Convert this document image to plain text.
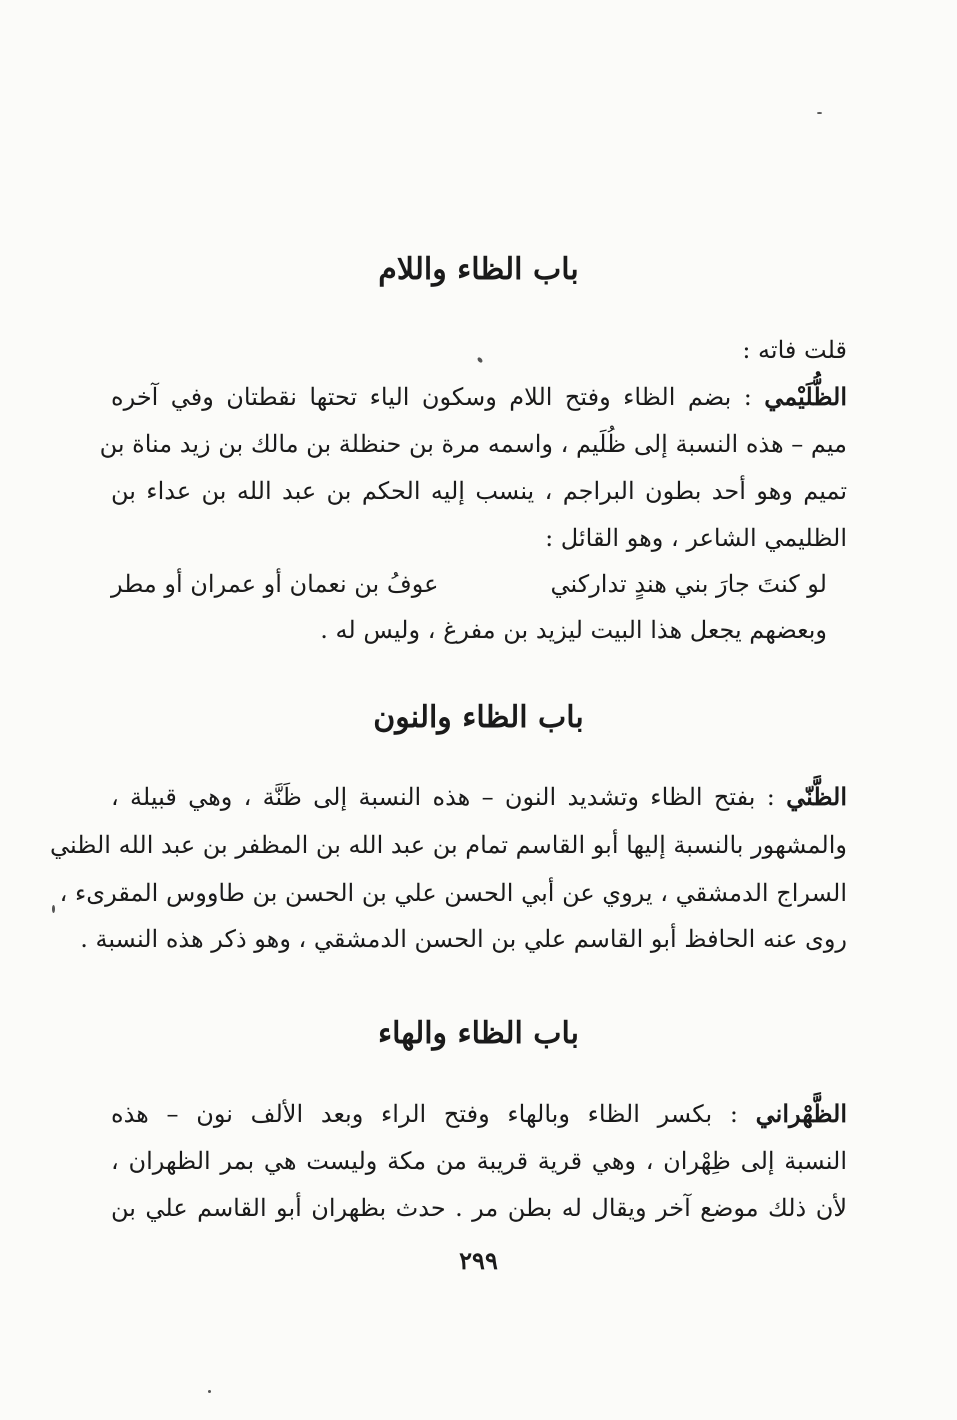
باب الظاء واللام
قلت فاته :
الظُّلَيْمي : بضم الظاء وفتح اللام وسكون الياء تحتها نقطتان وفي آخره
ميم – هذه النسبة إلى ظُلَيم ، واسمه مرة بن حنظلة بن مالك بن زيد مناة بن
تميم وهو أحد بطون البراجم ، ينسب إليه الحكم بن عبد الله بن عداء بن
الظليمي الشاعر ، وهو القائل :
لو كنتَ جارَ بني هندٍ تداركني
عوفُ بن نعمان أو عمران أو مطر
وبعضهم يجعل هذا البيت ليزيد بن مفرغ ، وليس له .
باب الظاء والنون
الظَّنّي : بفتح الظاء وتشديد النون – هذه النسبة إلى ظَنَّة ، وهي قبيلة ،
والمشهور بالنسبة إليها أبو القاسم تمام بن عبد الله بن المظفر بن عبد الله الظني
السراج الدمشقي ، يروي عن أبي الحسن علي بن الحسن بن طاووس المقرىء ،
روى عنه الحافظ أبو القاسم علي بن الحسن الدمشقي ، وهو ذكر هذه النسبة .
باب الظاء والهاء
الظَّهْراني : بكسر الظاء وبالهاء وفتح الراء وبعد الألف نون – هذه
النسبة إلى ظِهْران ، وهي قرية قريبة من مكة وليست هي بمر الظهران ،
لأن ذلك موضع آخر ويقال له بطن مر . حدث بظهران أبو القاسم علي بن
٢٩٩
